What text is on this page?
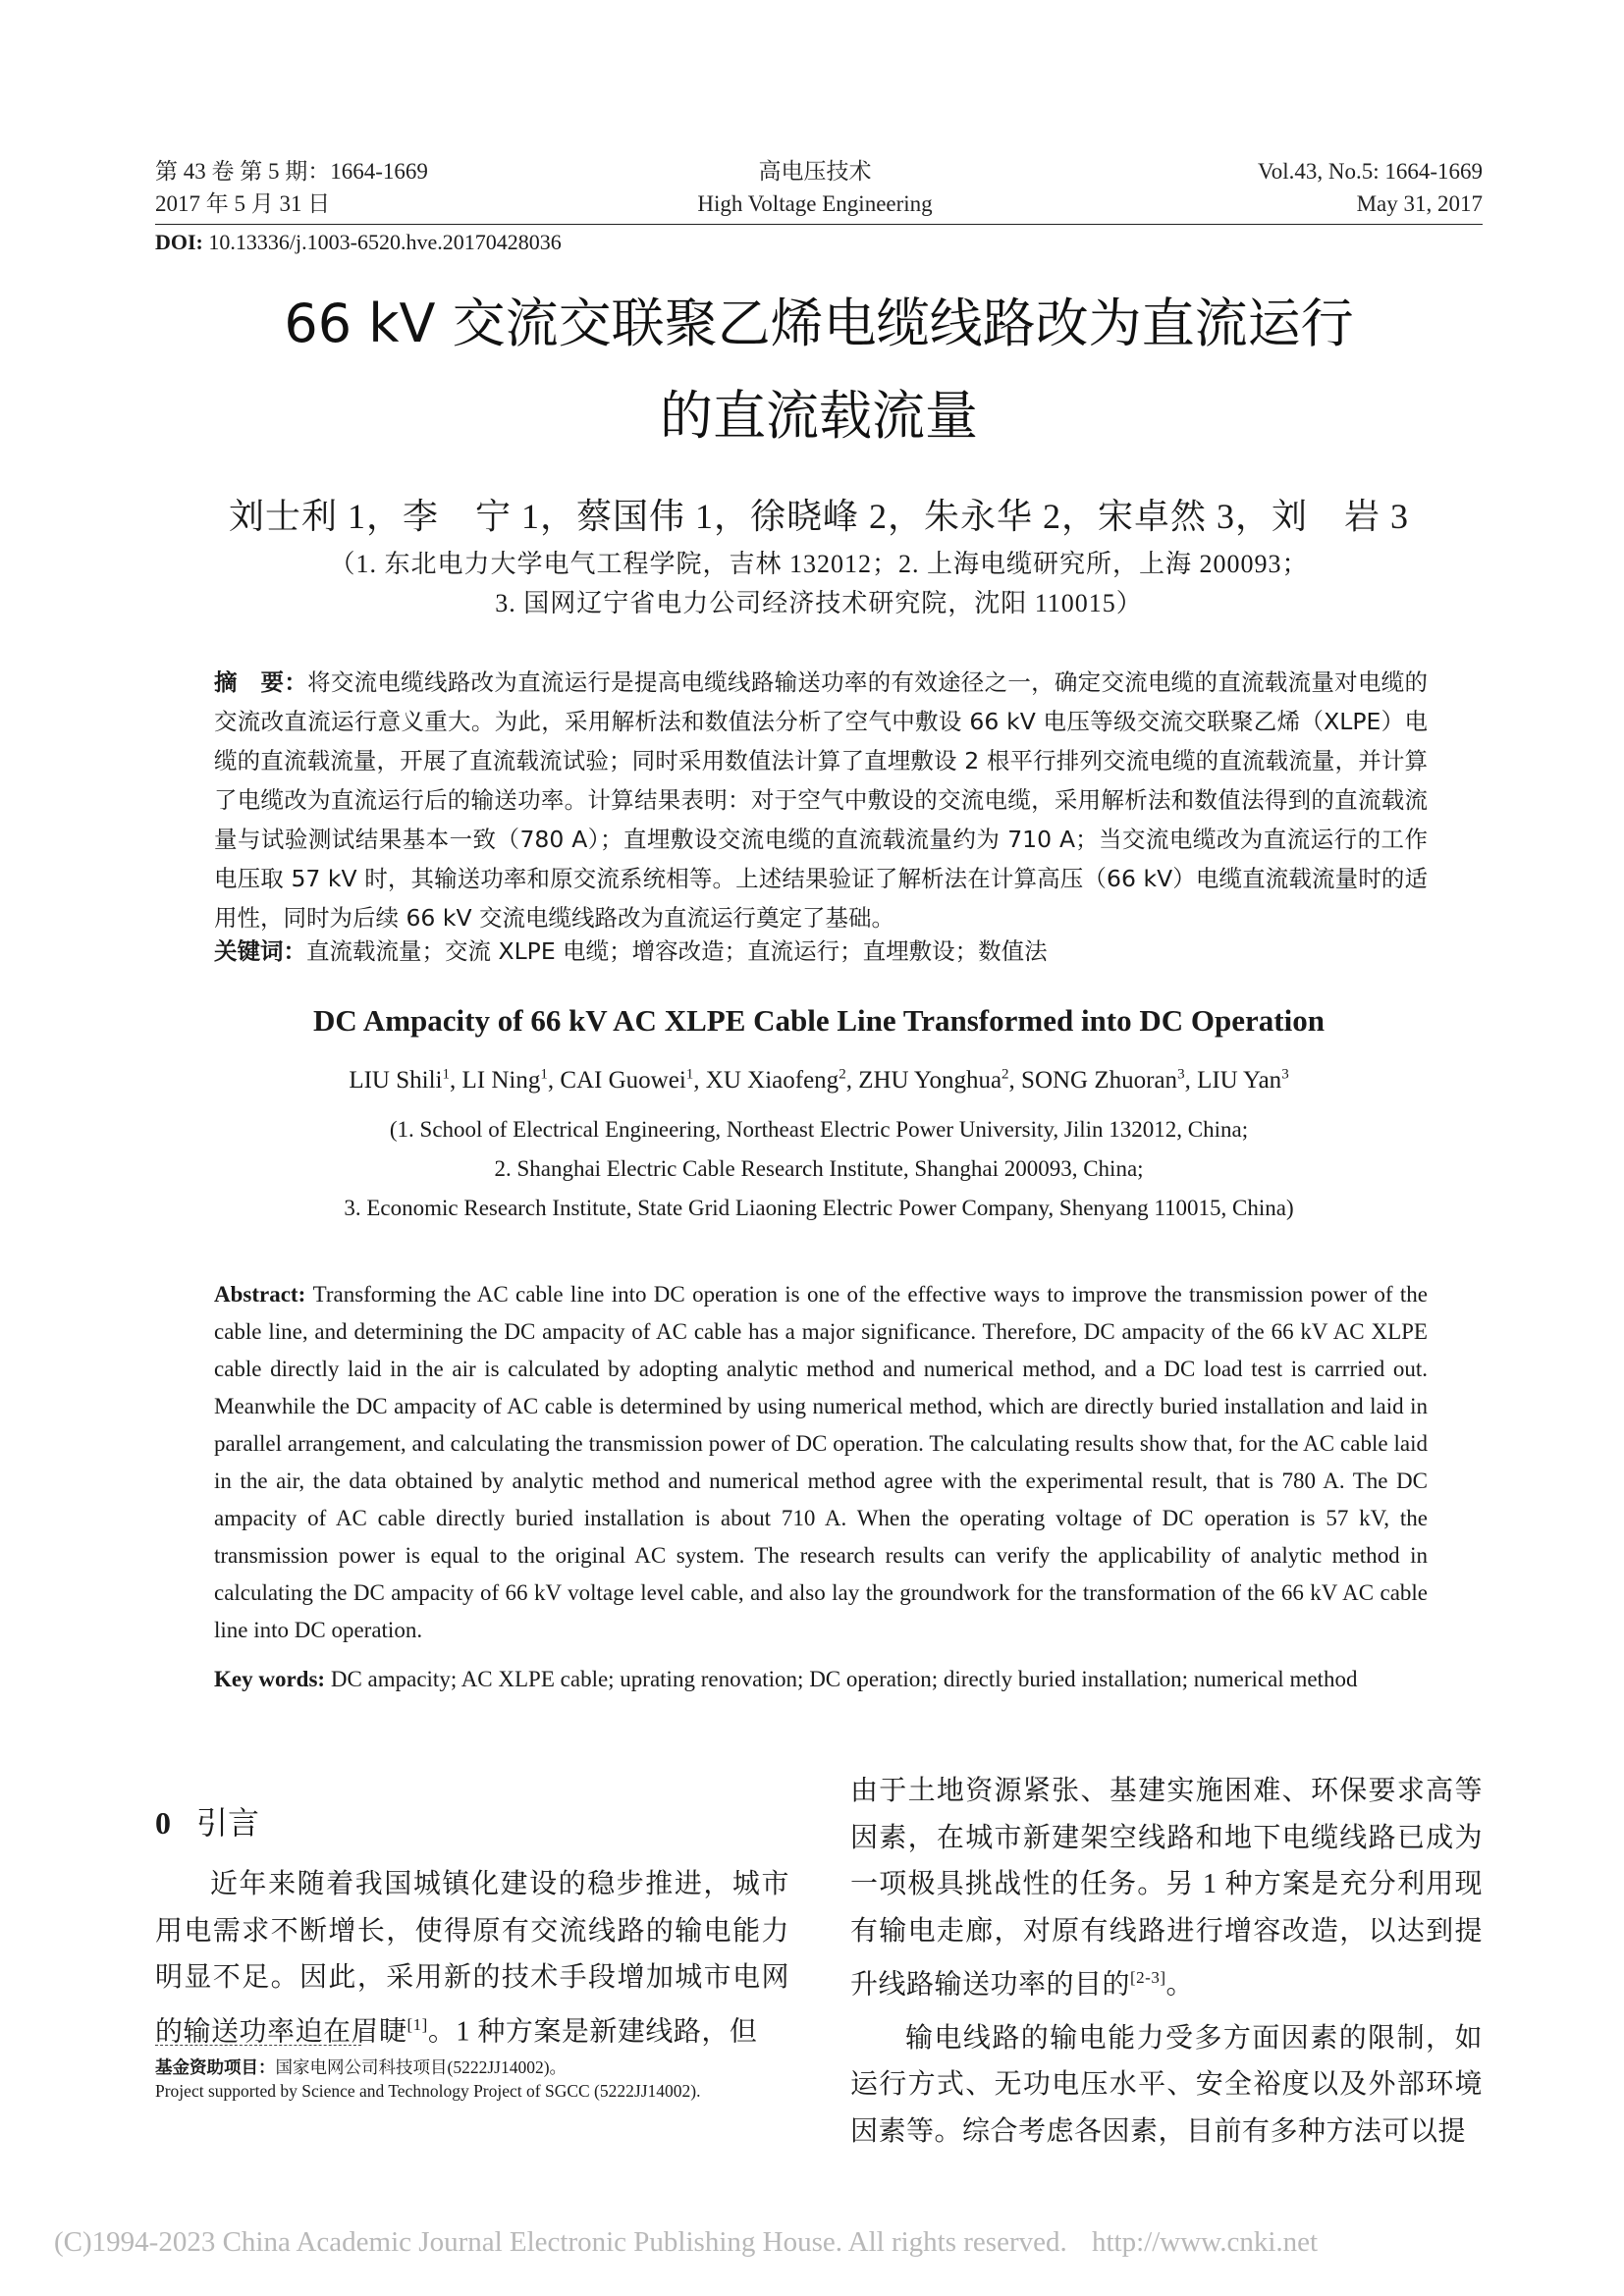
第 43 卷 第 5 期：1664-1669
2017 年 5 月 31 日
高电压技术
High Voltage Engineering
Vol.43, No.5: 1664-1669
May 31, 2017
DOI: 10.13336/j.1003-6520.hve.20170428036
66 kV 交流交联聚乙烯电缆线路改为直流运行
的直流载流量
刘士利 1，李　宁 1，蔡国伟 1，徐晓峰 2，朱永华 2，宋卓然 3，刘　岩 3
（1. 东北电力大学电气工程学院，吉林 132012；2. 上海电缆研究所，上海 200093；
3. 国网辽宁省电力公司经济技术研究院，沈阳 110015）
摘　要：将交流电缆线路改为直流运行是提高电缆线路输送功率的有效途径之一，确定交流电缆的直流载流量对电缆的交流改直流运行意义重大。为此，采用解析法和数值法分析了空气中敷设 66 kV 电压等级交流交联聚乙烯（XLPE）电缆的直流载流量，开展了直流载流试验；同时采用数值法计算了直埋敷设 2 根平行排列交流电缆的直流载流量，并计算了电缆改为直流运行后的输送功率。计算结果表明：对于空气中敷设的交流电缆，采用解析法和数值法得到的直流载流量与试验测试结果基本一致（780 A）；直埋敷设交流电缆的直流载流量约为 710 A；当交流电缆改为直流运行的工作电压取 57 kV 时，其输送功率和原交流系统相等。上述结果验证了解析法在计算高压（66 kV）电缆直流载流量时的适用性，同时为后续 66 kV 交流电缆线路改为直流运行奠定了基础。
关键词：直流载流量；交流 XLPE 电缆；增容改造；直流运行；直埋敷设；数值法
DC Ampacity of 66 kV AC XLPE Cable Line Transformed into DC Operation
LIU Shili$^1$, LI Ning$^1$, CAI Guowei$^1$, XU Xiaofeng$^2$, ZHU Yonghua$^2$, SONG Zhuoran$^3$, LIU Yan$^3$
(1. School of Electrical Engineering, Northeast Electric Power University, Jilin 132012, China;
2. Shanghai Electric Cable Research Institute, Shanghai 200093, China;
3. Economic Research Institute, State Grid Liaoning Electric Power Company, Shenyang 110015, China)
Abstract: Transforming the AC cable line into DC operation is one of the effective ways to improve the transmission power of the cable line, and determining the DC ampacity of AC cable has a major significance. Therefore, DC ampacity of the 66 kV AC XLPE cable directly laid in the air is calculated by adopting analytic method and numerical method, and a DC load test is carrried out. Meanwhile the DC ampacity of AC cable is determined by using numerical method, which are directly buried installation and laid in parallel arrangement, and calculating the transmission power of DC operation. The calculating results show that, for the AC cable laid in the air, the data obtained by analytic method and numerical method agree with the experimental result, that is 780 A. The DC ampacity of AC cable directly buried installation is about 710 A. When the operating voltage of DC operation is 57 kV, the transmission power is equal to the original AC system. The research results can verify the applicability of analytic method in calculating the DC ampacity of 66 kV voltage level cable, and also lay the groundwork for the transformation of the 66 kV AC cable line into DC operation.
Key words: DC ampacity; AC XLPE cable; uprating renovation; DC operation; directly buried installation; numerical method
0 引言
近年来随着我国城镇化建设的稳步推进，城市用电需求不断增长，使得原有交流线路的输电能力明显不足。因此，采用新的技术手段增加城市电网的输送功率迫在眉睫[1]。1 种方案是新建线路，但
基金资助项目：国家电网公司科技项目(5222JJ14002)。
Project supported by Science and Technology Project of SGCC (5222JJ14002).
由于土地资源紧张、基建实施困难、环保要求高等因素，在城市新建架空线路和地下电缆线路已成为一项极具挑战性的任务。另 1 种方案是充分利用现有输电走廊，对原有线路进行增容改造，以达到提升线路输送功率的目的[2-3]。
输电线路的输电能力受多方面因素的限制，如运行方式、无功电压水平、安全裕度以及外部环境因素等。综合考虑各因素，目前有多种方法可以提
(C)1994-2023 China Academic Journal Electronic Publishing House. All rights reserved. http://www.cnki.net
